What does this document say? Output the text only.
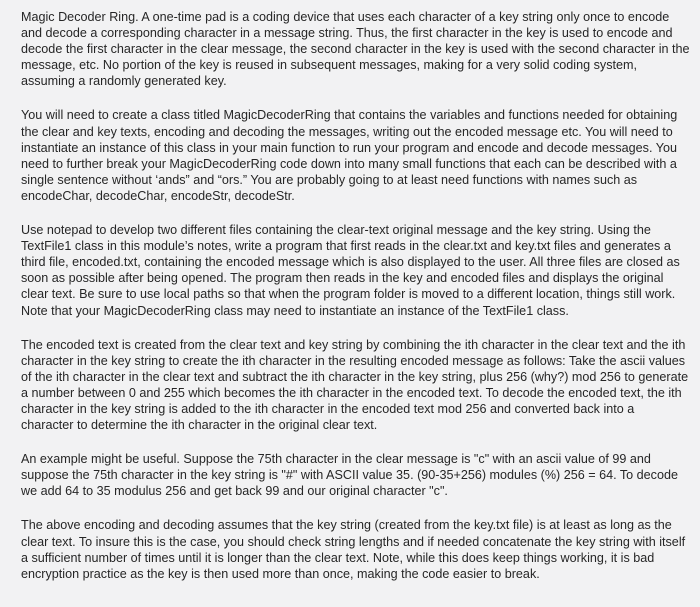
Magic Decoder Ring. A one-time pad is a coding device that uses each character of a key string only once to encode and decode a corresponding character in a message string. Thus, the first character in the key is used to encode and decode the first character in the clear message, the second character in the key is used with the second character in the message, etc. No portion of the key is reused in subsequent messages, making for a very solid coding system, assuming a randomly generated key.

You will need to create a class titled MagicDecoderRing that contains the variables and functions needed for obtaining the clear and key texts, encoding and decoding the messages, writing out the encoded message etc. You will need to instantiate an instance of this class in your main function to run your program and encode and decode messages. You need to further break your MagicDecoderRing code down into many small functions that each can be described with a single sentence without ‘ands” and “ors.” You are probably going to at least need functions with names such as encodeChar, decodeChar, encodeStr, decodeStr.

Use notepad to develop two different files containing the clear-text original message and the key string. Using the TextFile1 class in this module’s notes, write a program that first reads in the clear.txt and key.txt files and generates a third file, encoded.txt, containing the encoded message which is also displayed to the user. All three files are closed as soon as possible after being opened. The program then reads in the key and encoded files and displays the original clear text. Be sure to use local paths so that when the program folder is moved to a different location, things still work. Note that your MagicDecoderRing class may need to instantiate an instance of the TextFile1 class.

The encoded text is created from the clear text and key string by combining the ith character in the clear text and the ith character in the key string to create the ith character in the resulting encoded message as follows: Take the ascii values of the ith character in the clear text and subtract the ith character in the key string, plus 256 (why?) mod 256 to generate a number between 0 and 255 which becomes the ith character in the encoded text. To decode the encoded text, the ith character in the key string is added to the ith character in the encoded text mod 256 and converted back into a character to determine the ith character in the original clear text.

An example might be useful. Suppose the 75th character in the clear message is "c" with an ascii value of 99 and suppose the 75th character in the key string is "#" with ASCII value 35. (90-35+256) modules (%) 256 = 64. To decode we add 64 to 35 modulus 256 and get back 99 and our original character "c".

The above encoding and decoding assumes that the key string (created from the key.txt file) is at least as long as the clear text. To insure this is the case, you should check string lengths and if needed concatenate the key string with itself a sufficient number of times until it is longer than the clear text. Note, while this does keep things working, it is bad encryption practice as the key is then used more than once, making the code easier to break.
